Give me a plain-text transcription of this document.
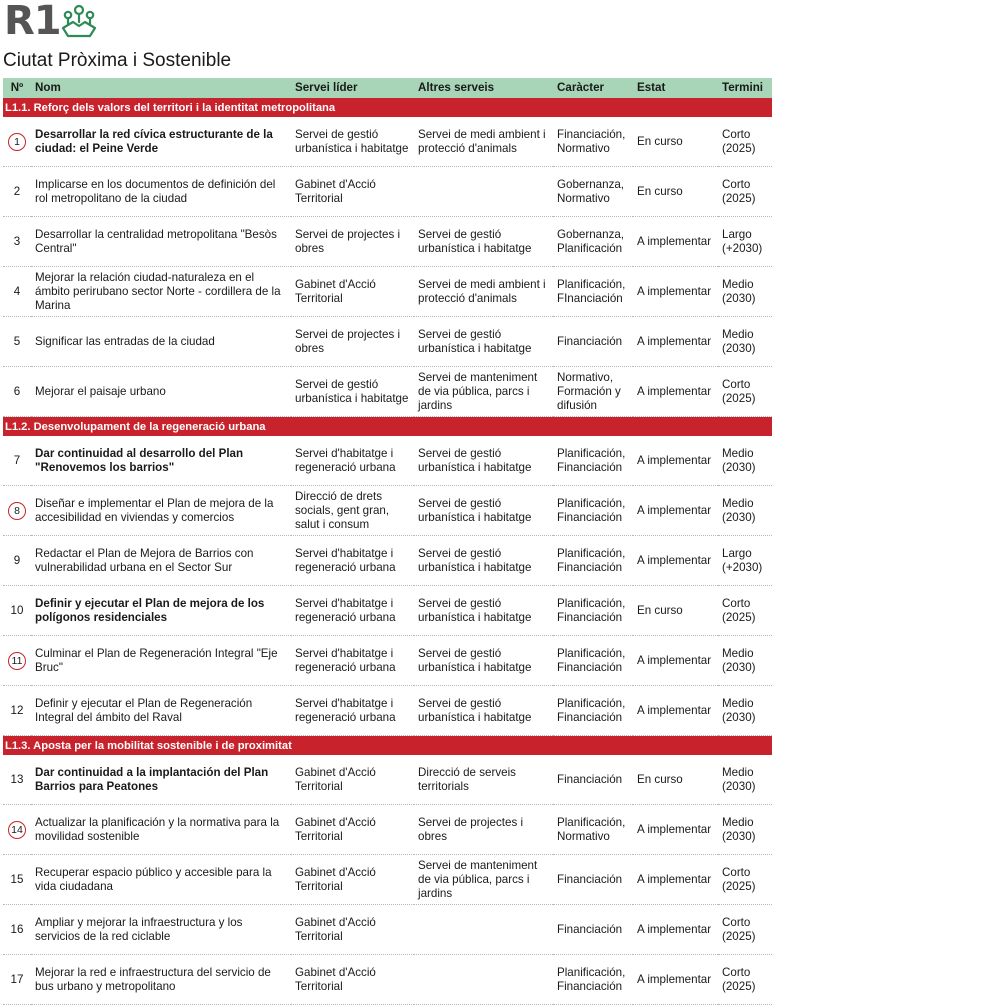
R1
Ciutat Pròxima i Sostenible
Nº	Nom	Servei líder	Altres serveis	Caràcter	Estat	Termini
L1.1. Reforç dels valors del territori i la identitat metropolitana						
1	Desarrollar la red cívica estructurante de la ciudad: el Peine Verde	Servei de gestió urbanística i habitatge	Servei de medi ambient i protecció d'animals	Financiación, Normativo	En curso	Corto (2025)
2	Implicarse en los documentos de definición del rol metropolitano de la ciudad	Gabinet d'Acció Territorial		Gobernanza, Normativo	En curso	Corto (2025)
3	Desarrollar la centralidad metropolitana "Besòs Central"	Servei de projectes i obres	Servei de gestió urbanística i habitatge	Gobernanza, Planificación	A implementar	Largo (+2030)
4	Mejorar la relación ciudad-naturaleza en el ámbito perirubano sector Norte - cordillera de la Marina	Gabinet d'Acció Territorial	Servei de medi ambient i protecció d'animals	Planificación, FInanciación	A implementar	Medio (2030)
5	Significar las entradas de la ciudad	Servei de projectes i obres	Servei de gestió urbanística i habitatge	Financiación	A implementar	Medio (2030)
6	Mejorar el paisaje urbano	Servei de gestió urbanística i habitatge	Servei de manteniment de via pública, parcs i jardins	Normativo, Formación y difusión	A implementar	Corto (2025)
L1.2. Desenvolupament de la regeneració urbana						
7	Dar continuidad al desarrollo del Plan "Renovemos los barrios"	Servei d'habitatge i regeneració urbana	Servei de gestió urbanística i habitatge	Planificación, Financiación	A implementar	Medio (2030)
8	Diseñar e implementar el Plan de mejora de la accesibilidad en viviendas y comercios	Direcció de drets socials, gent gran, salut i consum	Servei de gestió urbanística i habitatge	Planificación, Financiación	A implementar	Medio (2030)
9	Redactar el Plan de Mejora de Barrios con vulnerabilidad urbana en el Sector Sur	Servei d'habitatge i regeneració urbana	Servei de gestió urbanística i habitatge	Planificación, Financiación	A implementar	Largo (+2030)
10	Definir y ejecutar el Plan de mejora de los polígonos residenciales	Servei d'habitatge i regeneració urbana	Servei de gestió urbanística i habitatge	Planificación, Financiación	En curso	Corto (2025)
11	Culminar el Plan de Regeneración Integral "Eje Bruc"	Servei d'habitatge i regeneració urbana	Servei de gestió urbanística i habitatge	Planificación, Financiación	A implementar	Medio (2030)
12	Definir y ejecutar el Plan de Regeneración Integral del ámbito del Raval	Servei d'habitatge i regeneració urbana	Servei de gestió urbanística i habitatge	Planificación, Financiación	A implementar	Medio (2030)
L1.3. Aposta per la mobilitat sostenible i de proximitat						
13	Dar continuidad a la implantación del Plan Barrios para Peatones	Gabinet d'Acció Territorial	Direcció de serveis territorials	Financiación	En curso	Medio (2030)
14	Actualizar la planificación y la normativa para la movilidad sostenible	Gabinet d'Acció Territorial	Servei de projectes i obres	Planificación, Normativo	A implementar	Medio (2030)
15	Recuperar espacio público y accesible para la vida ciudadana	Gabinet d'Acció Territorial	Servei de manteniment de via pública, parcs i jardins	Financiación	A implementar	Corto (2025)
16	Ampliar y mejorar la infraestructura y los servicios de la red ciclable	Gabinet d'Acció Territorial		Financiación	A implementar	Corto (2025)
17	Mejorar la red e infraestructura del servicio de bus urbano y metropolitano	Gabinet d'Acció Territorial		Planificación, Financiación	A implementar	Corto (2025)
